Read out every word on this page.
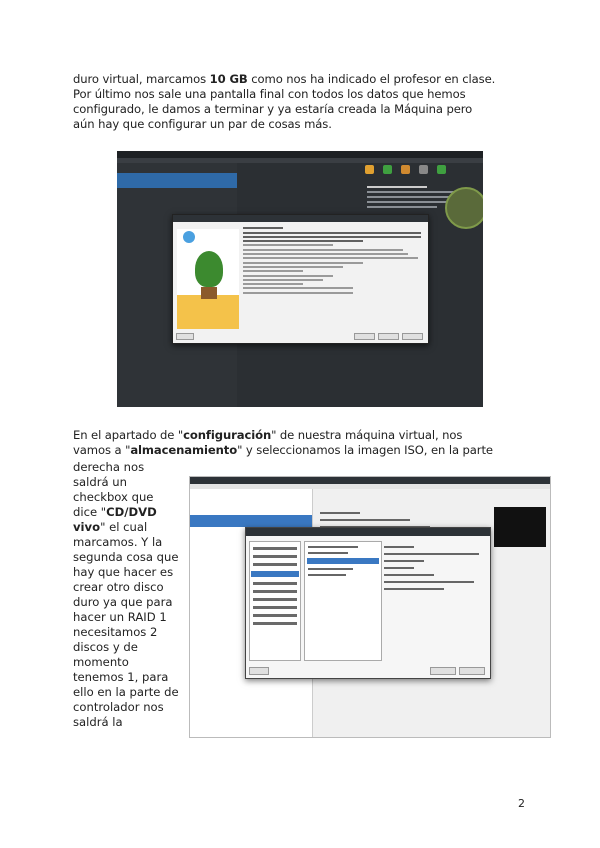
duro virtual, marcamos 10 GB como nos ha indicado el profesor en clase.
Por último nos sale una pantalla final con todos los datos que hemos
configurado, le damos a terminar y ya estaría creada la Máquina pero
aún hay que configurar un par de cosas más.

En el apartado de "configuración" de nuestra máquina virtual, nos
vamos a "almacenamiento" y seleccionamos la imagen ISO, en la parte

derecha nos saldrá un checkbox que dice "CD/DVD vivo" el cual marcamos. Y la segunda cosa que hay que hacer es crear otro disco duro ya que para hacer un RAID 1 necesitamos 2 discos y de momento tenemos 1, para ello en la parte de controlador nos saldrá la

2
